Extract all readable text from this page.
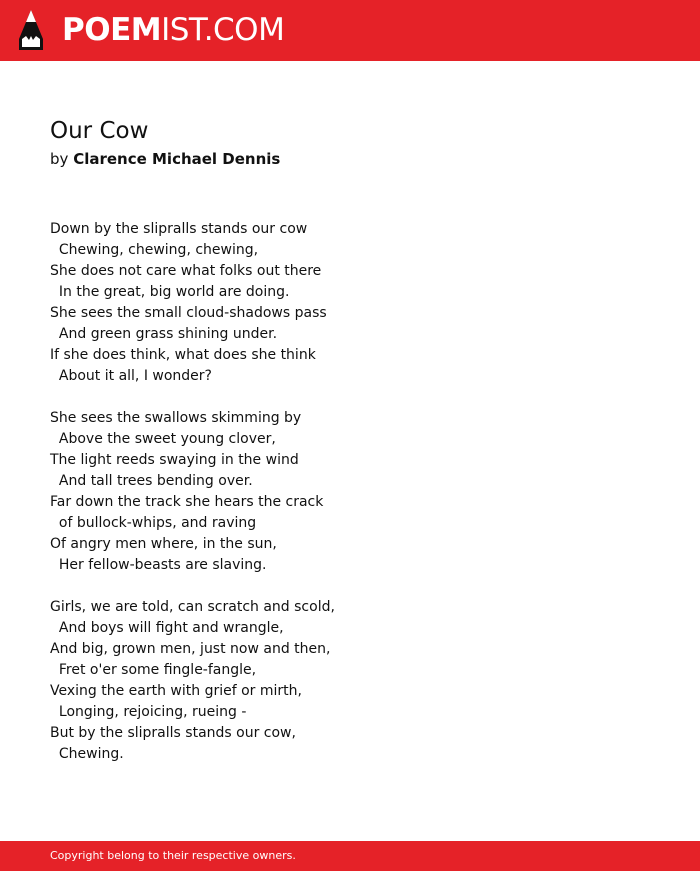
POEMIST.COM
Our Cow
by Clarence Michael Dennis
Down by the slipralls stands our cow
Chewing, chewing, chewing,
She does not care what folks out there
In the great, big world are doing.
She sees the small cloud-shadows pass
And green grass shining under.
If she does think, what does she think
About it all, I wonder?
She sees the swallows skimming by
Above the sweet young clover,
The light reeds swaying in the wind
And tall trees bending over.
Far down the track she hears the crack
of bullock-whips, and raving
Of angry men where, in the sun,
Her fellow-beasts are slaving.
Girls, we are told, can scratch and scold,
And boys will fight and wrangle,
And big, grown men, just now and then,
Fret o'er some fingle-fangle,
Vexing the earth with grief or mirth,
Longing, rejoicing, rueing -
But by the slipralls stands our cow,
Chewing.
Copyright belong to their respective owners.
